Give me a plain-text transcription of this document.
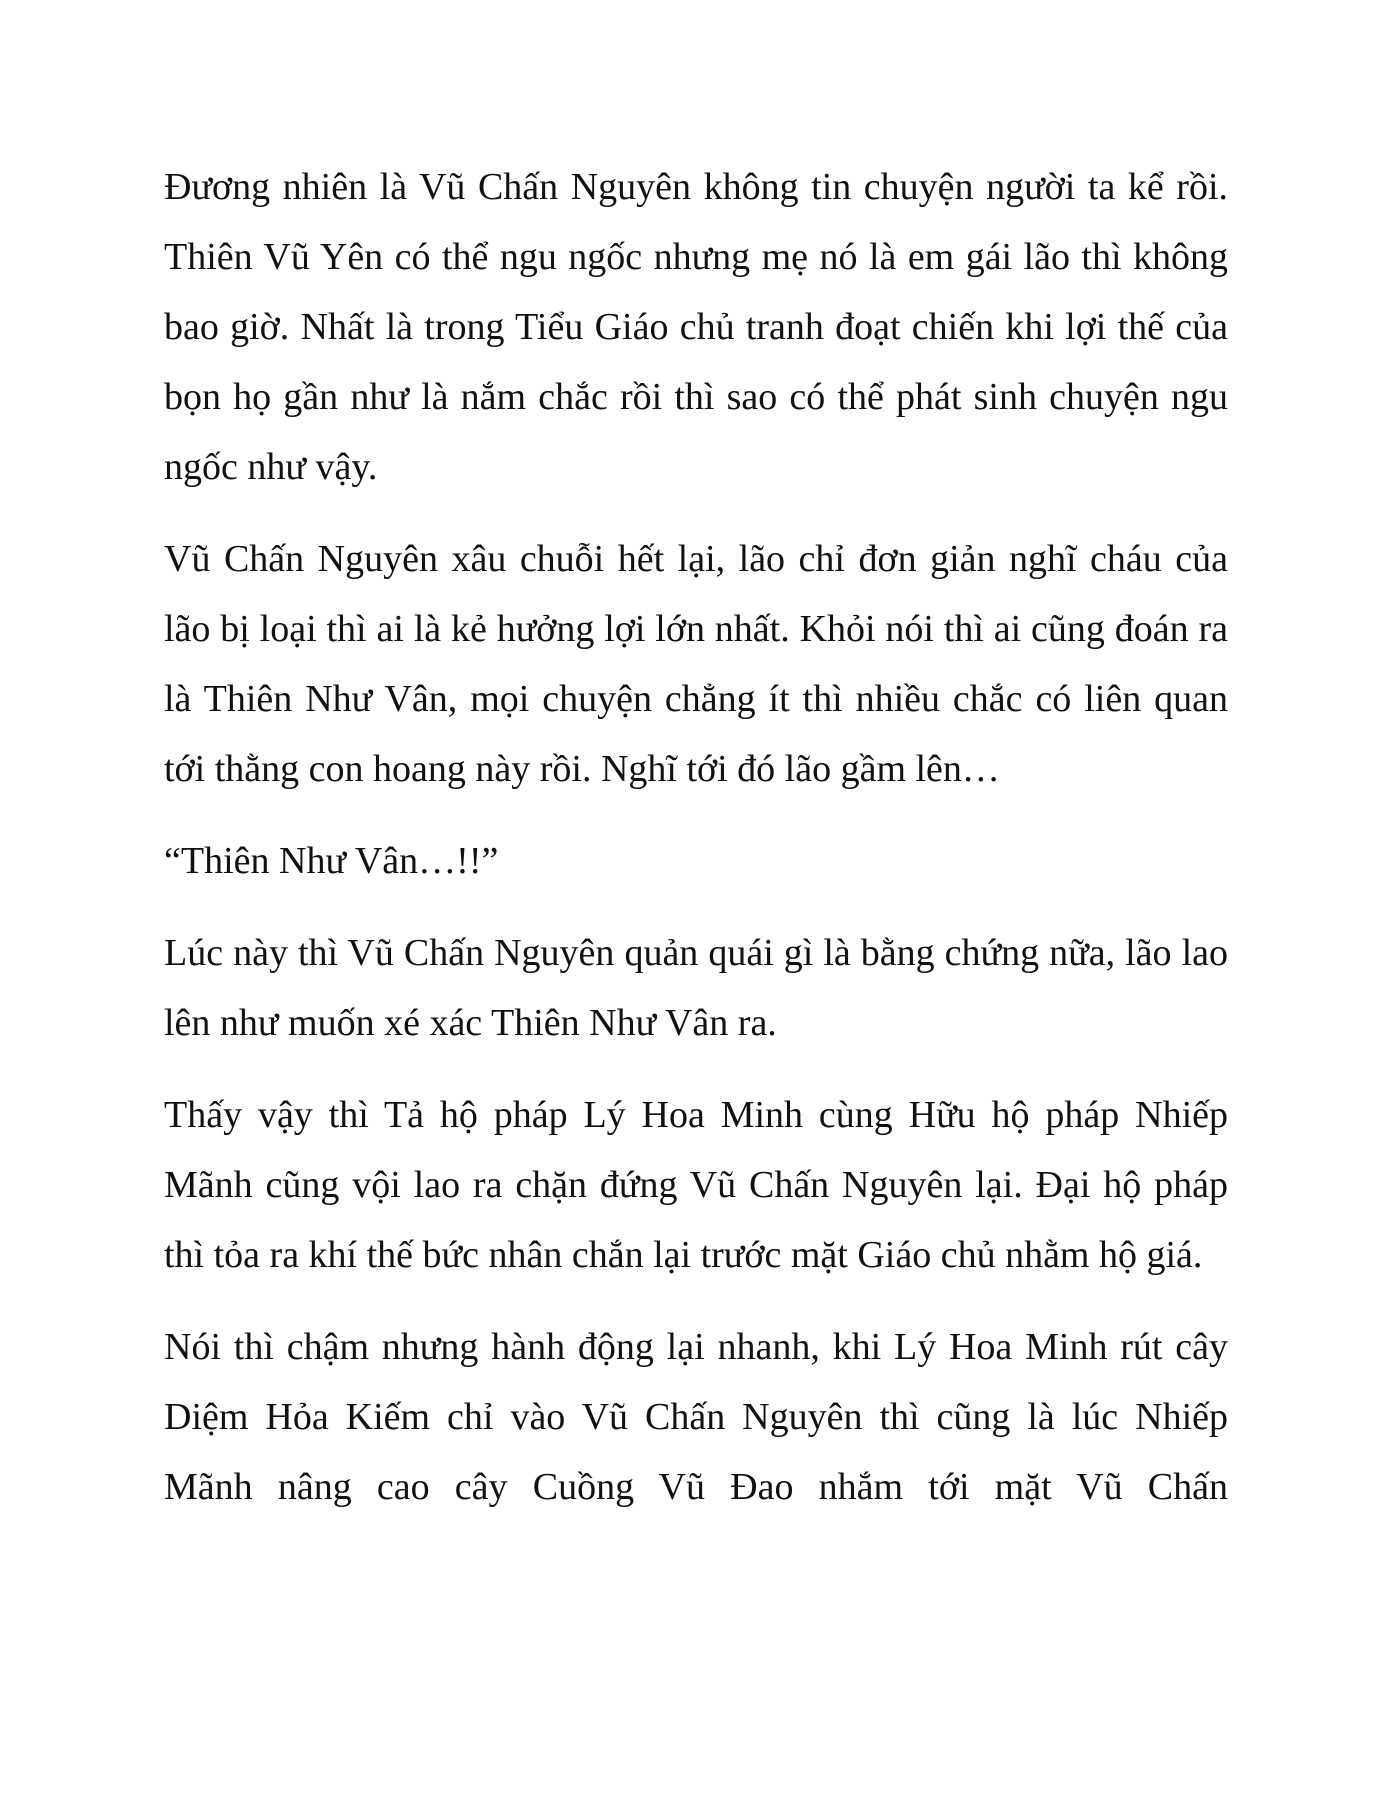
Đương nhiên là Vũ Chấn Nguyên không tin chuyện người ta kể rồi. Thiên Vũ Yên có thể ngu ngốc nhưng mẹ nó là em gái lão thì không bao giờ. Nhất là trong Tiểu Giáo chủ tranh đoạt chiến khi lợi thế của bọn họ gần như là nắm chắc rồi thì sao có thể phát sinh chuyện ngu ngốc như vậy.

Vũ Chấn Nguyên xâu chuỗi hết lại, lão chỉ đơn giản nghĩ cháu của lão bị loại thì ai là kẻ hưởng lợi lớn nhất. Khỏi nói thì ai cũng đoán ra là Thiên Như Vân, mọi chuyện chẳng ít thì nhiều chắc có liên quan tới thằng con hoang này rồi. Nghĩ tới đó lão gầm lên…

“Thiên Như Vân…!!”

Lúc này thì Vũ Chấn Nguyên quản quái gì là bằng chứng nữa, lão lao lên như muốn xé xác Thiên Như Vân ra.

Thấy vậy thì Tả hộ pháp Lý Hoa Minh cùng Hữu hộ pháp Nhiếp Mãnh cũng vội lao ra chặn đứng Vũ Chấn Nguyên lại. Đại hộ pháp thì tỏa ra khí thế bức nhân chắn lại trước mặt Giáo chủ nhằm hộ giá.

Nói thì chậm nhưng hành động lại nhanh, khi Lý Hoa Minh rút cây Diệm Hỏa Kiếm chỉ vào Vũ Chấn Nguyên thì cũng là lúc Nhiếp Mãnh nâng cao cây Cuồng Vũ Đao nhắm tới mặt Vũ Chấn
